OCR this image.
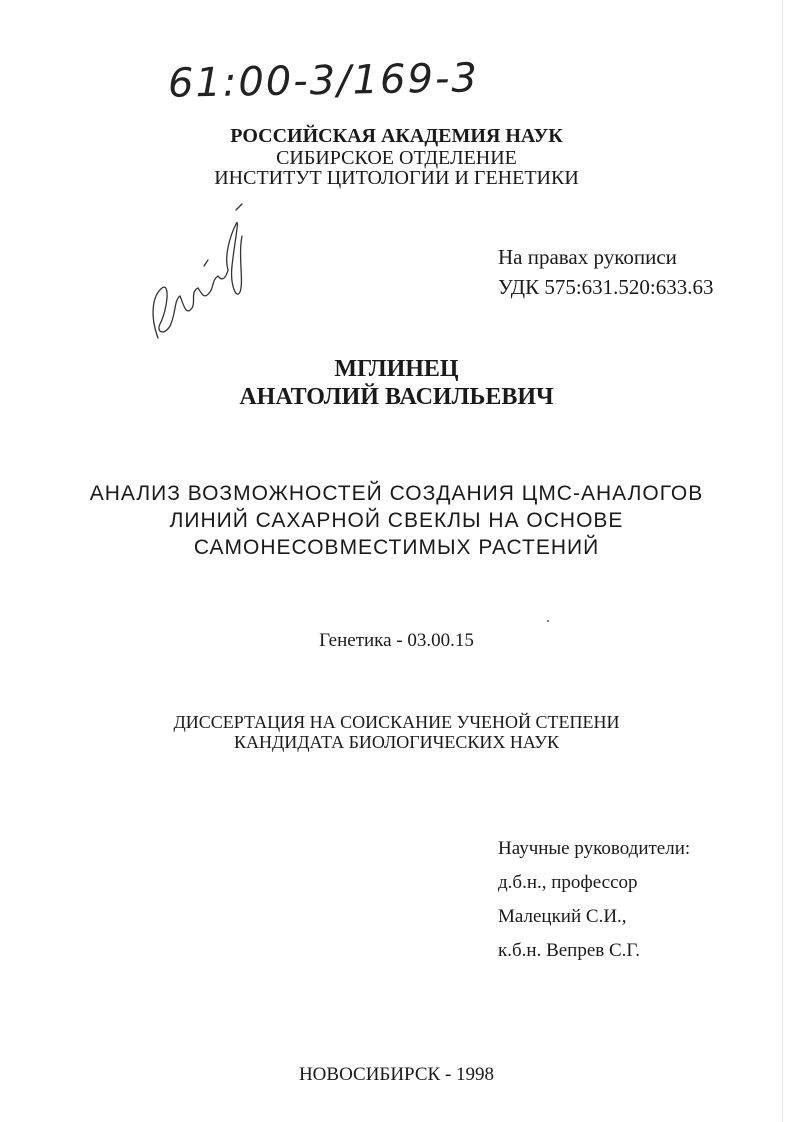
61:00-3/169-3
РОССИЙСКАЯ АКАДЕМИЯ НАУК
СИБИРСКОЕ ОТДЕЛЕНИЕ
ИНСТИТУТ ЦИТОЛОГИИ И ГЕНЕТИКИ
На правах рукописи
УДК 575:631.520:633.63
МГЛИНЕЦ
АНАТОЛИЙ ВАСИЛЬЕВИЧ
АНАЛИЗ ВОЗМОЖНОСТЕЙ СОЗДАНИЯ ЦМС-АНАЛОГОВ
ЛИНИЙ САХАРНОЙ СВЕКЛЫ НА ОСНОВЕ
САМОНЕСОВМЕСТИМЫХ РАСТЕНИЙ
Генетика - 03.00.15
ДИССЕРТАЦИЯ НА СОИСКАНИЕ УЧЕНОЙ СТЕПЕНИ
КАНДИДАТА БИОЛОГИЧЕСКИХ НАУК
Научные руководители:
д.б.н., профессор
Малецкий С.И.,
к.б.н. Вепрев С.Г.
НОВОСИБИРСК - 1998
